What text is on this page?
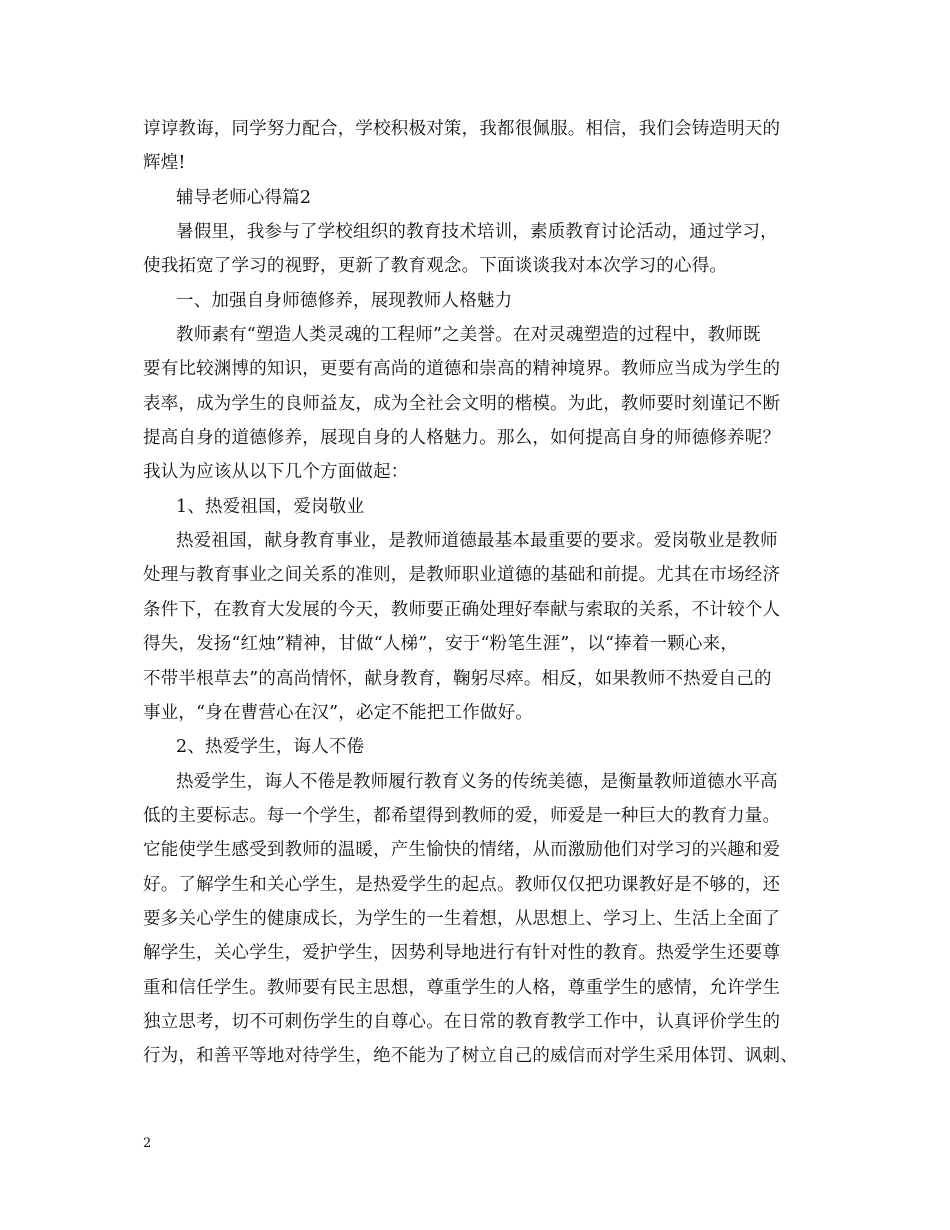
谆谆教诲，同学努力配合，学校积极对策，我都很佩服。相信，我们会铸造明天的
辉煌!
辅导老师心得篇2
暑假里，我参与了学校组织的教育技术培训，素质教育讨论活动，通过学习，
使我拓宽了学习的视野，更新了教育观念。下面谈谈我对本次学习的心得。
一、加强自身师德修养，展现教师人格魅力
教师素有“塑造人类灵魂的工程师”之美誉。在对灵魂塑造的过程中，教师既
要有比较渊博的知识，更要有高尚的道德和崇高的精神境界。教师应当成为学生的
表率，成为学生的良师益友，成为全社会文明的楷模。为此，教师要时刻谨记不断
提高自身的道德修养，展现自身的人格魅力。那么，如何提高自身的师德修养呢？
我认为应该从以下几个方面做起：
1、热爱祖国，爱岗敬业
热爱祖国，献身教育事业，是教师道德最基本最重要的要求。爱岗敬业是教师
处理与教育事业之间关系的准则，是教师职业道德的基础和前提。尤其在市场经济
条件下，在教育大发展的今天，教师要正确处理好奉献与索取的关系，不计较个人
得失，发扬“红烛”精神，甘做“人梯”，安于“粉笔生涯”，以“捧着一颗心来，
不带半根草去”的高尚情怀，献身教育，鞠躬尽瘁。相反，如果教师不热爱自己的
事业，“身在曹营心在汉”，必定不能把工作做好。
2、热爱学生，诲人不倦
热爱学生，诲人不倦是教师履行教育义务的传统美德，是衡量教师道德水平高
低的主要标志。每一个学生，都希望得到教师的爱，师爱是一种巨大的教育力量。
它能使学生感受到教师的温暖，产生愉快的情绪，从而激励他们对学习的兴趣和爱
好。了解学生和关心学生，是热爱学生的起点。教师仅仅把功课教好是不够的，还
要多关心学生的健康成长，为学生的一生着想，从思想上、学习上、生活上全面了
解学生，关心学生，爱护学生，因势利导地进行有针对性的教育。热爱学生还要尊
重和信任学生。教师要有民主思想，尊重学生的人格，尊重学生的感情，允许学生
独立思考，切不可刺伤学生的自尊心。在日常的教育教学工作中，认真评价学生的
行为，和善平等地对待学生，绝不能为了树立自己的威信而对学生采用体罚、讽刺、
2
